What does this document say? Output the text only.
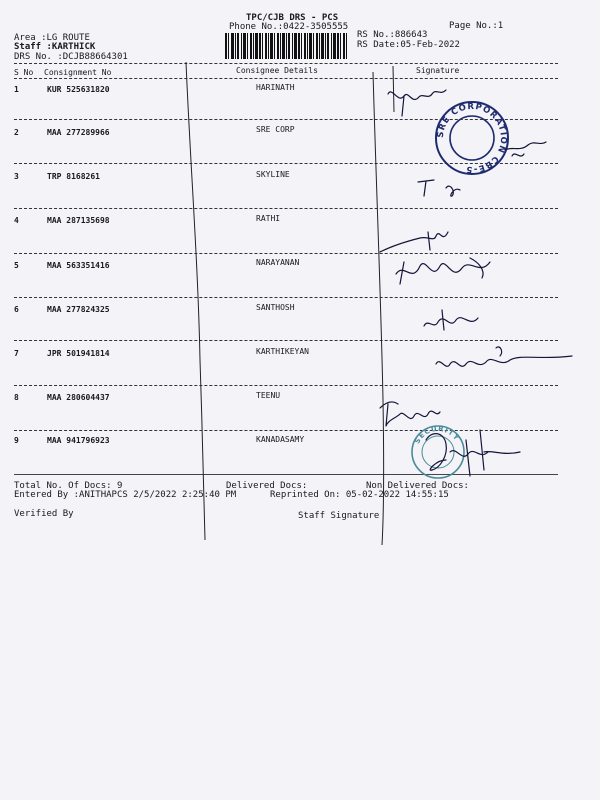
TPC/CJB DRS - PCS
Phone No.:0422-3505555	Page No.:1
RS No.:886643
RS Date:05-Feb-2022
Area :LG ROUTE
Staff :KARTHICK
DRS No. :DCJB88664301
S No Consignment No	Consignee Details	Signature
1	KUR 525631820	HARINATH
2	MAA 277289966	SRE CORP
3	TRP 8168261	SKYLINE
4	MAA 287135698	RATHI
5	MAA 563351416	NARAYANAN
6	MAA 277824325	SANTHOSH
7	JPR 501941814	KARTHIKEYAN
8	MAA 280604437	TEENU
9	MAA 941796923	KANADASAMY
Total No. Of Docs: 9	Delivered Docs:	Non Delivered Docs:
Entered By :ANITHAPCS 2/5/2022 2:25:40 PM	Reprinted On: 05-02-2022 14:55:15
Verified By	Staff Signature
SRE CORPORATION CBE-5
SECURITY
